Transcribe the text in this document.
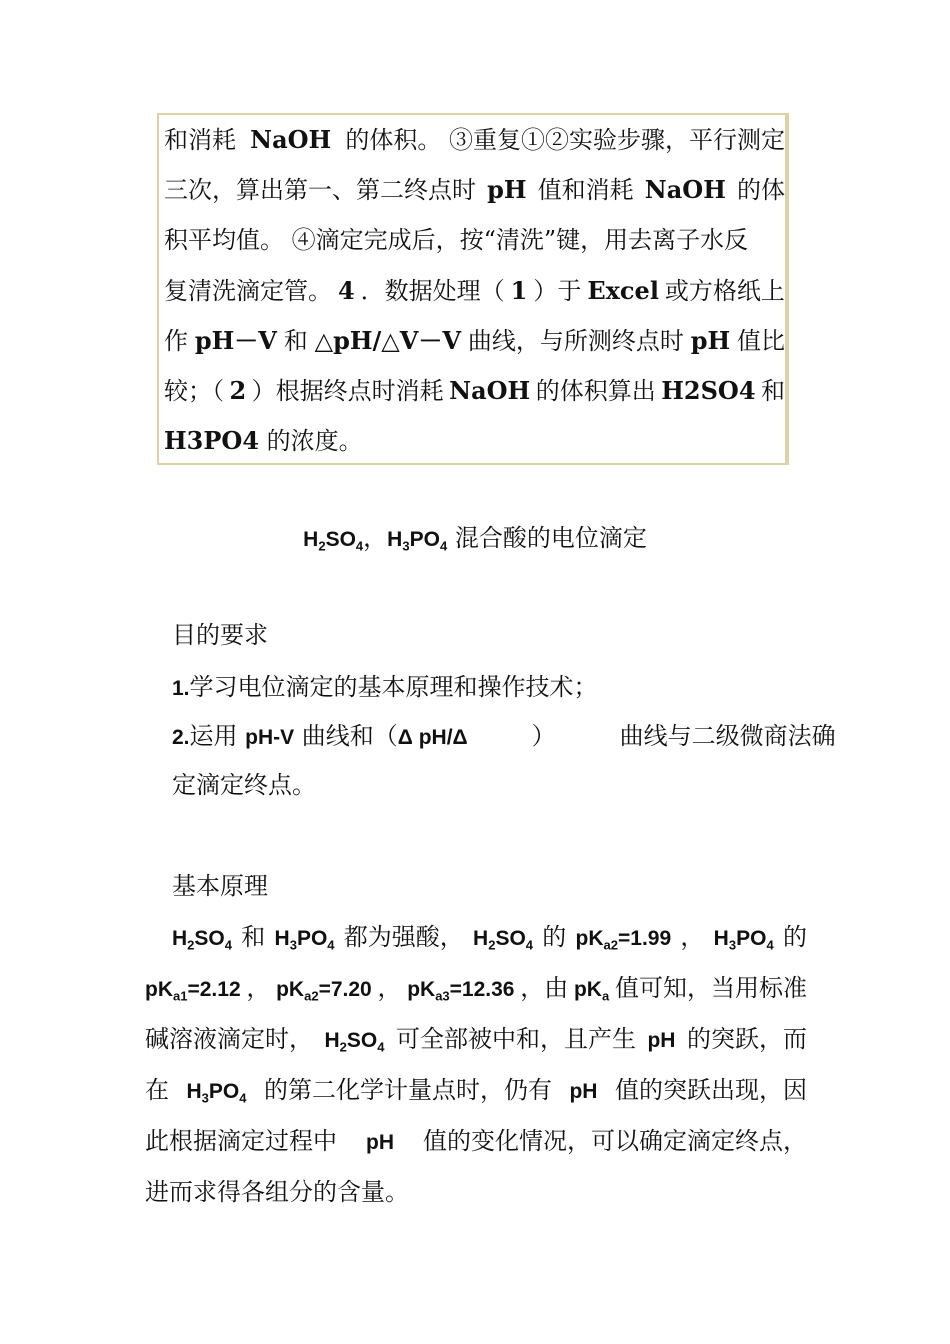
和消耗 NaOH 的体积。 ③重复①②实验步骤，平行测定
三次，算出第一、第二终点时 pH 值和消耗 NaOH 的体
积平均值。 ④滴定完成后，按“清洗”键，用去离子水反
复清洗滴定管。 4 ．数据处理（ 1 ）于 Excel 或方格纸上
作 pH－V 和 △pH/△V－V 曲线，与所测终点时 pH 值比
较；（ 2 ）根据终点时消耗 NaOH 的体积算出 H2SO4 和
H3PO4 的浓度。
$H_2SO_4$，$H_3PO_4$ 混合酸的电位滴定
目的要求
1.学习电位滴定的基本原理和操作技术；
2.运用 pH-V 曲线和（Δ pH/Δ	）	曲线与二级微商法确
定滴定终点。
基本原理
$H_2SO_4$ 和 $H_3PO_4$ 都为强酸， $H_2SO_4$ 的 $pK_{a2}=1.99$ ， $H_3PO_4$ 的
$pK_{a1}=2.12$ ， $pK_{a2}=7.20$ ， $pK_{a3}=12.36$ ，由 $pK_a$ 值可知，当用标准
碱溶液滴定时， $H_2SO_4$ 可全部被中和，且产生 pH 的突跃，而
在 $H_3PO_4$ 的第二化学计量点时，仍有 pH 值的突跃出现，因
此根据滴定过程中 pH 值的变化情况，可以确定滴定终点，
进而求得各组分的含量。
